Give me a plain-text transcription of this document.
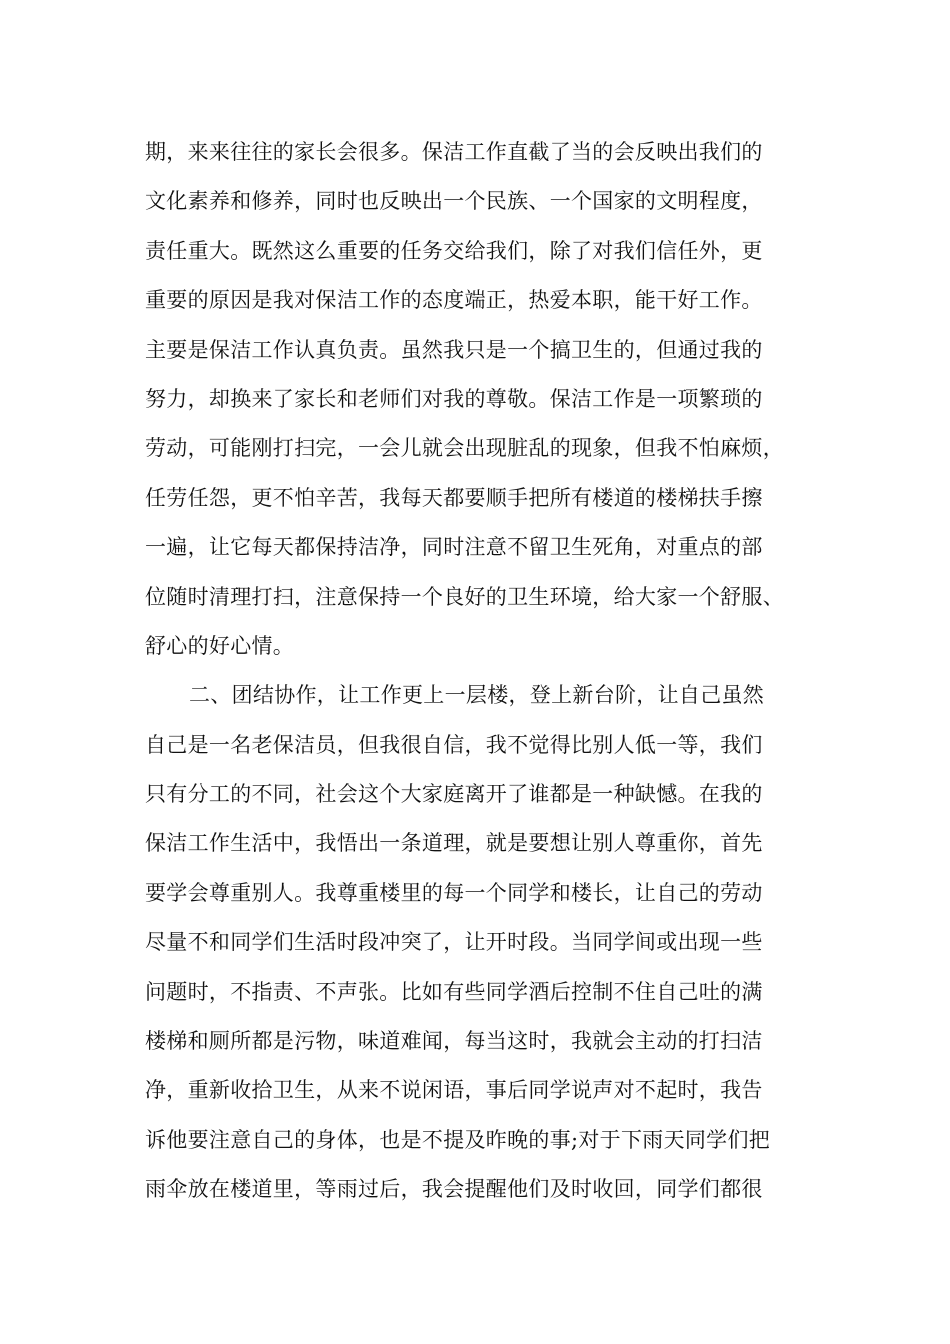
期，来来往往的家长会很多。保洁工作直截了当的会反映出我们的
文化素养和修养，同时也反映出一个民族、一个国家的文明程度，
责任重大。既然这么重要的任务交给我们，除了对我们信任外，更
重要的原因是我对保洁工作的态度端正，热爱本职，能干好工作。
主要是保洁工作认真负责。虽然我只是一个搞卫生的，但通过我的
努力，却换来了家长和老师们对我的尊敬。保洁工作是一项繁琐的
劳动，可能刚打扫完，一会儿就会出现脏乱的现象，但我不怕麻烦，
任劳任怨，更不怕辛苦，我每天都要顺手把所有楼道的楼梯扶手擦
一遍，让它每天都保持洁净，同时注意不留卫生死角，对重点的部
位随时清理打扫，注意保持一个良好的卫生环境，给大家一个舒服、
舒心的好心情。
二、团结协作，让工作更上一层楼，登上新台阶，让自己虽然
自己是一名老保洁员，但我很自信，我不觉得比别人低一等，我们
只有分工的不同，社会这个大家庭离开了谁都是一种缺憾。在我的
保洁工作生活中，我悟出一条道理，就是要想让别人尊重你，首先
要学会尊重别人。我尊重楼里的每一个同学和楼长，让自己的劳动
尽量不和同学们生活时段冲突了，让开时段。当同学间或出现一些
问题时，不指责、不声张。比如有些同学酒后控制不住自己吐的满
楼梯和厕所都是污物，味道难闻，每当这时，我就会主动的打扫洁
净，重新收拾卫生，从来不说闲语，事后同学说声对不起时，我告
诉他要注意自己的身体，也是不提及昨晚的事;对于下雨天同学们把
雨伞放在楼道里，等雨过后，我会提醒他们及时收回，同学们都很
